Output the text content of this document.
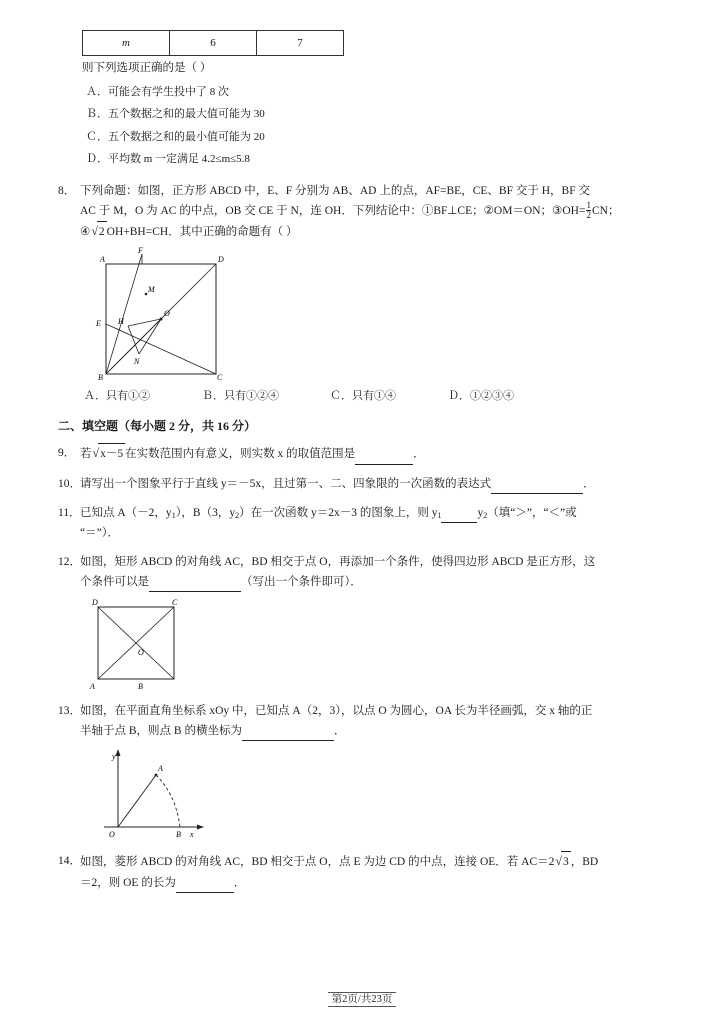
m	6	7
则下列选项正确的是（ ）
Ａ．可能会有学生投中了 8 次
Ｂ．五个数据之和的最大值可能为 30
Ｃ．五个数据之和的最小值可能为 20
Ｄ．平均数 m 一定满足 4.2≤m≤5.8
8． 下列命题：如图，正方形 ABCD 中，E、F 分别为 AB、AD 上的点，AF=BE，CE、BF 交于 H，BF 交
AC 于 M，O 为 AC 的中点，OB 交 CE 于 N，连 OH．下列结论中：①BF⊥CE；②OM＝ON；$③OH=\frac{1}{2}$ CN；
④√2 OH+BH=CH．其中正确的命题有（ ）
A
F
D
M
O
E H
N
B	C
Ａ．只有①②	Ｂ．只有①②④	Ｃ．只有①④	Ｄ．①②③④
二、填空题（每小题 2 分，共 16 分）
9． 若√x－5 在实数范围内有意义，则实数 x 的取值范围是	．
10． 请写出一个图象平行于直线 y＝－5x，且过第一、二、四象限的一次函数的表达式	．
11． 已知点 A（－2，$y_1$），B（3，$y_2$）在一次函数 y＝2x－3 的图象上，则 $y_1$	$y_2$（填“＞”，“＜”或
“＝”）．
12． 如图，矩形 ABCD 的对角线 AC，BD 相交于点 O，再添加一个条件，使得四边形 ABCD 是正方形，这
个条件可以是	（写出一个条件即可）．
D	C
O
A	B
13． 如图，在平面直角坐标系 xOy 中，已知点 A（2，3），以点 O 为圆心，OA 长为半径画弧，交 x 轴的正
半轴于点 B，则点 B 的横坐标为	．
y
A
O	B x
14． 如图，菱形 ABCD 的对角线 AC，BD 相交于点 O，点 E 为边 CD 的中点，连接 OE．若 AC＝2√3 ，BD
＝2，则 OE 的长为	．
第2页/共23页
